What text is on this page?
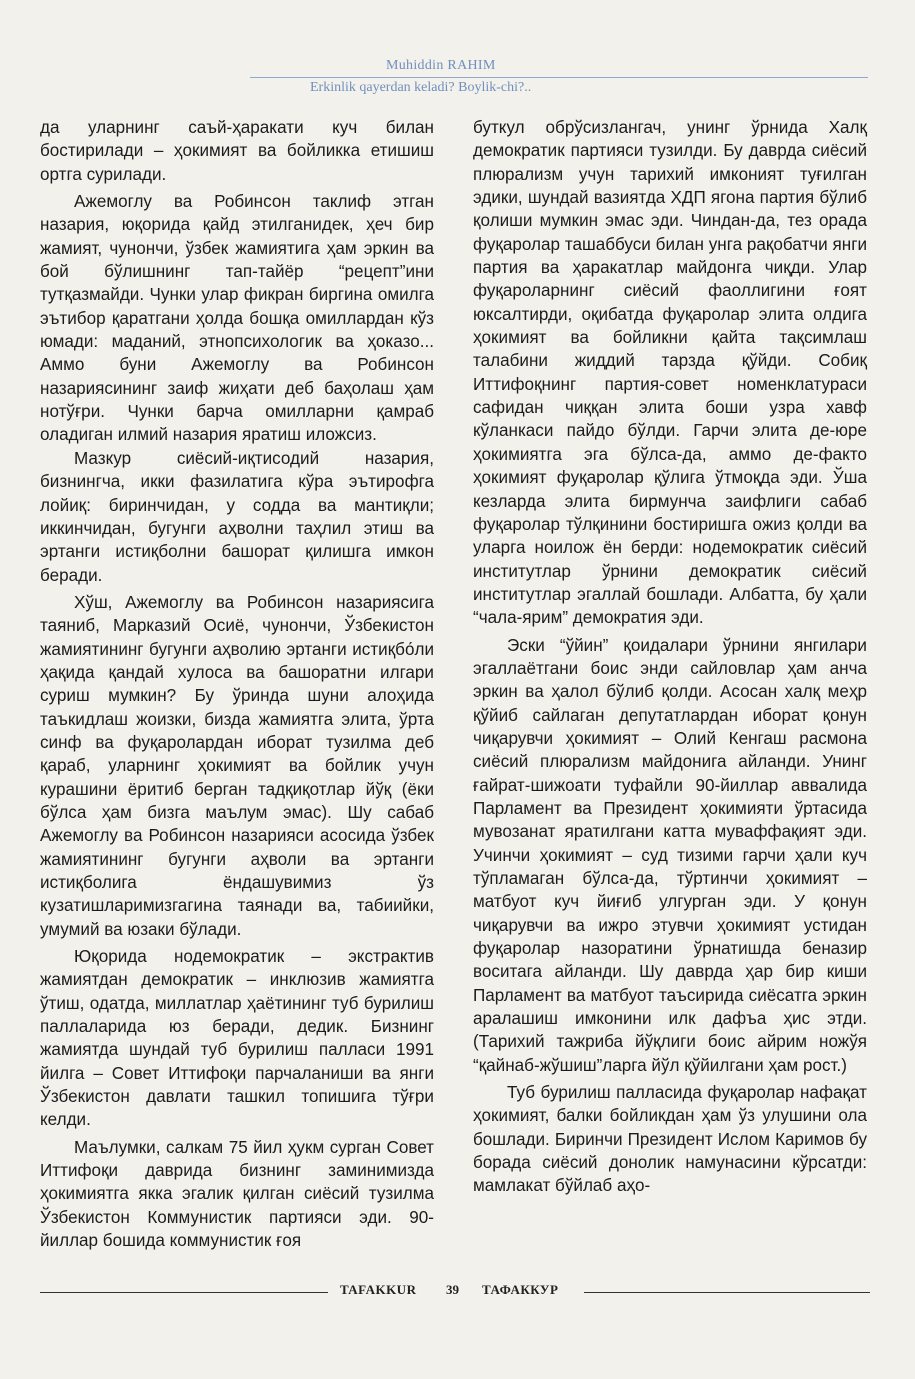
Muhiddin RAHIM
Erkinlik qayerdan keladi? Boylik-chi?..

да уларнинг саъй-ҳаракати куч билан бостирилади – ҳокимият ва бойликка етишиш ортга сурилади.

Ажемоглу ва Робинсон таклиф этган назария, юқорида қайд этилганидек, ҳеч бир жамият, чунончи, ўзбек жамиятига ҳам эркин ва бой бўлишнинг тап-тайёр “рецепт”ини тутқазмайди. Чунки улар фикран биргина омилга эътибор қаратгани ҳолда бошқа омиллардан кўз юмади: маданий, этнопсихологик ва ҳоказо... Аммо буни Ажемоглу ва Робинсон назариясининг заиф жиҳати деб баҳолаш ҳам нотўғри. Чунки барча омилларни қамраб оладиган илмий назария яратиш иложсиз.

Мазкур сиёсий-иқтисодий назария, бизнингча, икки фазилатига кўра эътирофга лойиқ: биринчидан, у содда ва мантиқли; иккинчидан, бугунги аҳволни таҳлил этиш ва эртанги истиқболни башорат қилишга имкон беради.

Хўш, Ажемоглу ва Робинсон назариясига таяниб, Марказий Осиё, чунончи, Ўзбекистон жамиятининг бугунги аҳволию эртанги истиқбо́ли ҳақида қандай хулоса ва башоратни илгари суриш мумкин? Бу ўринда шуни алоҳида таъкидлаш жоизки, бизда жамиятга элита, ўрта синф ва фуқаролардан иборат тузилма деб қараб, уларнинг ҳокимият ва бойлик учун курашини ёритиб берган тадқиқотлар йўқ (ёки бўлса ҳам бизга маълум эмас). Шу сабаб Ажемоглу ва Робинсон назарияси асосида ўзбек жамиятининг бугунги аҳволи ва эртанги истиқболига ёндашувимиз ўз кузатишларимизгагина таянади ва, табиийки, умумий ва юзаки бўлади.

Юқорида нодемократик – экстрактив жамиятдан демократик – инклюзив жамиятга ўтиш, одатда, миллатлар ҳаётининг туб бурилиш паллаларида юз беради, дедик. Бизнинг жамиятда шундай туб бурилиш палласи 1991 йилга – Совет Иттифоқи парчаланиши ва янги Ўзбекистон давлати ташкил топишига тўғри келди.

Маълумки, салкам 75 йил ҳукм сурган Совет Иттифоқи даврида бизнинг заминимизда ҳокимиятга якка эгалик қилган сиёсий тузилма Ўзбекистон Коммунистик партияси эди. 90-йиллар бошида коммунистик ғоя

буткул обрўсизлангач, унинг ўрнида Халқ демократик партияси тузилди. Бу даврда сиёсий плюрализм учун тарихий имконият туғилган эдики, шундай вазиятда ХДП ягона партия бўлиб қолиши мумкин эмас эди. Чиндан-да, тез орада фуқаролар ташаббуси билан унга рақобатчи янги партия ва ҳаракатлар майдонга чиқди. Улар фуқароларнинг сиёсий фаоллигини ғоят юксалтирди, оқибатда фуқаролар элита олдига ҳокимият ва бойликни қайта тақсимлаш талабини жиддий тарзда қўйди. Собиқ Иттифоқнинг партия-совет номенклатураси сафидан чиққан элита боши узра хавф кўланкаси пайдо бўлди. Гарчи элита де-юре ҳокимиятга эга бўлса-да, аммо де-факто ҳокимият фуқаролар қўлига ўтмоқда эди. Ўша кезларда элита бирмунча заифлиги сабаб фуқаролар тўлқинини бостиришга ожиз қолди ва уларга ноилож ён берди: нодемократик сиёсий институтлар ўрнини демократик сиёсий институтлар эгаллай бошлади. Албатта, бу ҳали “чала-ярим” демократия эди.

Эски “ўйин” қоидалари ўрнини янгилари эгаллаётгани боис энди сайловлар ҳам анча эркин ва ҳалол бўлиб қолди. Асосан халқ меҳр қўйиб сайлаган депутатлардан иборат қонун чиқарувчи ҳокимият – Олий Кенгаш расмона сиёсий плюрализм майдонига айланди. Унинг ғайрат-шижоати туфайли 90-йиллар аввалида Парламент ва Президент ҳокимияти ўртасида мувозанат яратилгани катта муваффақият эди. Учинчи ҳокимият – суд тизими гарчи ҳали куч тўпламаган бўлса-да, тўртинчи ҳокимият – матбуот куч йиғиб улгурган эди. У қонун чиқарувчи ва ижро этувчи ҳокимият устидан фуқаролар назоратини ўрнатишда беназир воситага айланди. Шу даврда ҳар бир киши Парламент ва матбуот таъсирида сиёсатга эркин аралашиш имконини илк дафъа ҳис этди. (Тарихий тажриба йўқлиги боис айрим ножўя “қайнаб-жўшиш”ларга йўл қўйилгани ҳам рост.)

Туб бурилиш палласида фуқаролар нафақат ҳокимият, балки бойликдан ҳам ўз улушини ола бошлади. Биринчи Президент Ислом Каримов бу борада сиёсий донолик намунасини кўрсатди: мамлакат бўйлаб аҳо-

TAFAKKUR 39 ТАФАККУР
